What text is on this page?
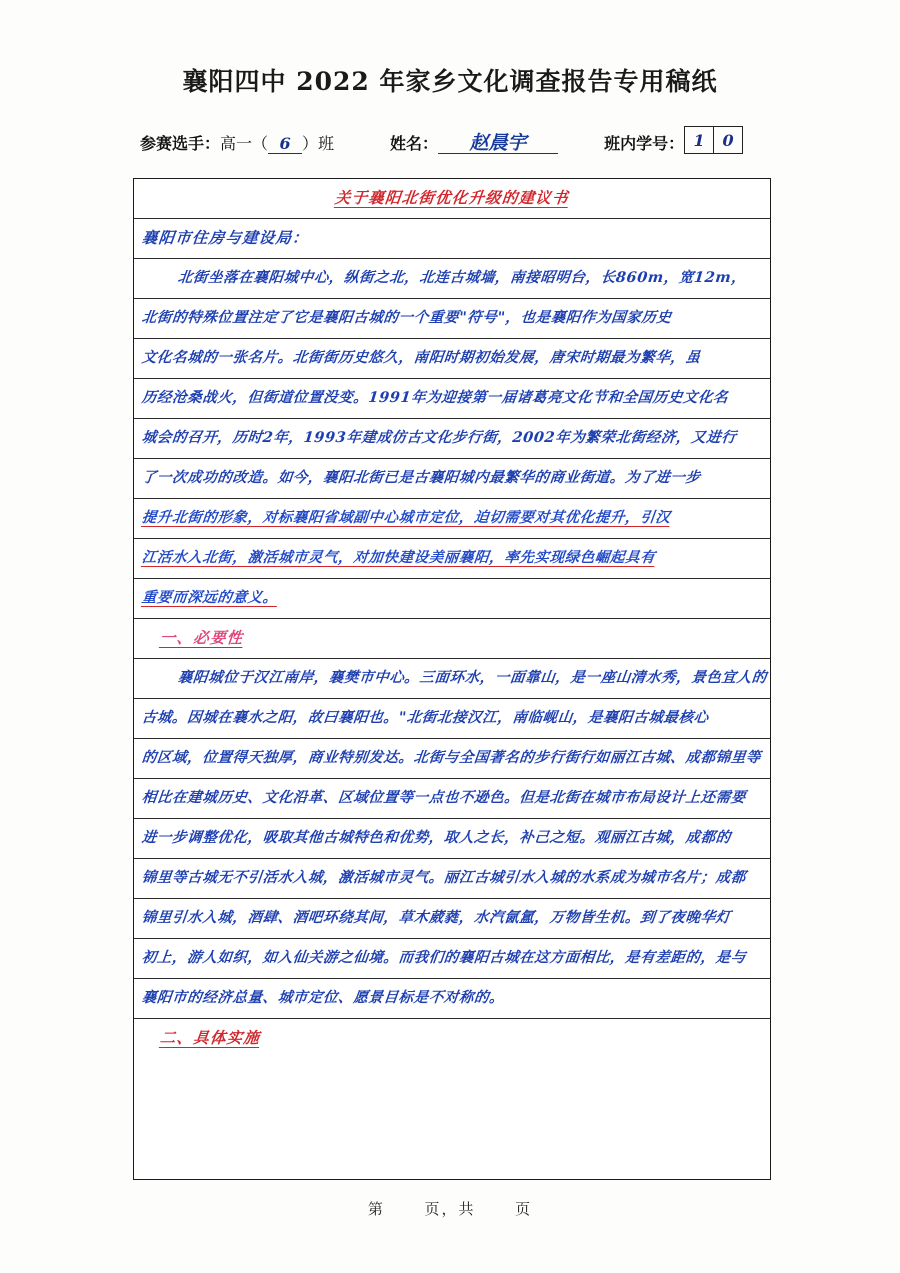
襄阳四中 2022 年家乡文化调查报告专用稿纸
参赛选手： 高一（ 6 ）班	姓名：	赵晨宇	班内学号： 1	0
关于襄阳北街优化升级的建议书
襄阳市住房与建设局：
北街坐落在襄阳城中心，纵街之北，北连古城墙，南接昭明台，长860m，宽12m，
北街的特殊位置注定了它是襄阳古城的一个重要"符号"，也是襄阳作为国家历史
文化名城的一张名片。北街街历史悠久，南阳时期初始发展，唐宋时期最为繁华，虽
历经沧桑战火，但街道位置没变。1991年为迎接第一届诸葛亮文化节和全国历史文化名
城会的召开，历时2年，1993年建成仿古文化步行街，2002年为繁荣北街经济，又进行
了一次成功的改造。如今，襄阳北街已是古襄阳城内最繁华的商业街道。为了进一步
提升北街的形象，对标襄阳省域副中心城市定位，迫切需要对其优化提升，引汉
江活水入北街，激活城市灵气，对加快建设美丽襄阳，率先实现绿色崛起具有
重要而深远的意义。
一、必要性
襄阳城位于汉江南岸，襄樊市中心。三面环水，一面靠山，是一座山清水秀，景色宜人的
古城。因城在襄水之阳，故曰襄阳也。"北街北接汉江，南临岘山，是襄阳古城最核心
的区域，位置得天独厚，商业特别发达。北街与全国著名的步行街行如丽江古城、成都锦里等
相比在建城历史、文化沿革、区域位置等一点也不逊色。但是北街在城市布局设计上还需要
进一步调整优化，吸取其他古城特色和优势，取人之长，补己之短。观丽江古城，成都的
锦里等古城无不引活水入城，激活城市灵气。丽江古城引水入城的水系成为城市名片；成都
锦里引水入城，酒肆、酒吧环绕其间，草木葳蕤，水汽氤氲，万物皆生机。到了夜晚华灯
初上，游人如织，如入仙关游之仙境。而我们的襄阳古城在这方面相比，是有差距的，是与
襄阳市的经济总量、城市定位、愿景目标是不对称的。
二、具体实施
第	页，共	页
